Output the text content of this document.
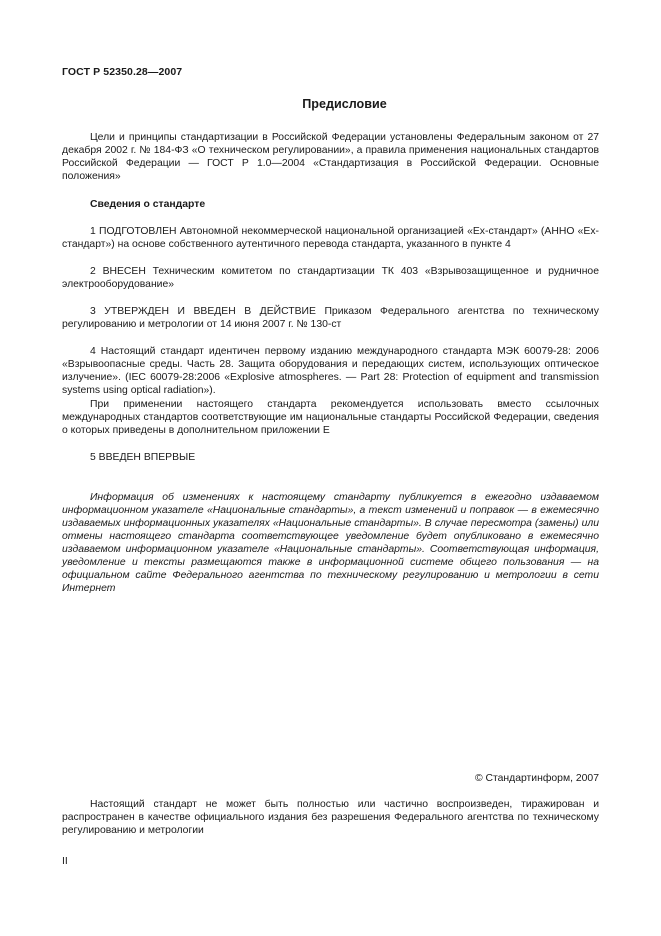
ГОСТ Р 52350.28—2007
Предисловие

Цели и принципы стандартизации в Российской Федерации установлены Федеральным законом от 27 декабря 2002 г. № 184-ФЗ «О техническом регулировании», а правила применения национальных стандартов Российской Федерации — ГОСТ Р 1.0—2004 «Стандартизация в Российской Федерации. Основные положения»

Сведения о стандарте

1 ПОДГОТОВЛЕН Автономной некоммерческой национальной организацией «Ех-стандарт» (АННО «Ех-стандарт») на основе собственного аутентичного перевода стандарта, указанного в пункте 4

2 ВНЕСЕН Техническим комитетом по стандартизации ТК 403 «Взрывозащищенное и рудничное электрооборудование»

3 УТВЕРЖДЕН И ВВЕДЕН В ДЕЙСТВИЕ Приказом Федерального агентства по техническому регулированию и метрологии от 14 июня 2007 г. № 130-ст

4 Настоящий стандарт идентичен первому изданию международного стандарта МЭК 60079-28: 2006 «Взрывоопасные среды. Часть 28. Защита оборудования и передающих систем, использующих оптическое излучение». (IEC 60079-28:2006 «Explosive atmospheres. — Part 28: Protection of equipment and transmission systems using optical radiation»).

При применении настоящего стандарта рекомендуется использовать вместо ссылочных международных стандартов соответствующие им национальные стандарты Российской Федерации, сведения о которых приведены в дополнительном приложении Е

5 ВВЕДЕН ВПЕРВЫЕ

Информация об изменениях к настоящему стандарту публикуется в ежегодно издаваемом информационном указателе «Национальные стандарты», а текст изменений и поправок — в ежемесячно издаваемых информационных указателях «Национальные стандарты». В случае пересмотра (замены) или отмены настоящего стандарта соответствующее уведомление будет опубликовано в ежемесячно издаваемом информационном указателе «Национальные стандарты». Соответствующая информация, уведомление и тексты размещаются также в информационной системе общего пользования — на официальном сайте Федерального агентства по техническому регулированию и метрологии в сети Интернет

© Стандартинформ, 2007

Настоящий стандарт не может быть полностью или частично воспроизведен, тиражирован и распространен в качестве официального издания без разрешения Федерального агентства по техническому регулированию и метрологии

II
